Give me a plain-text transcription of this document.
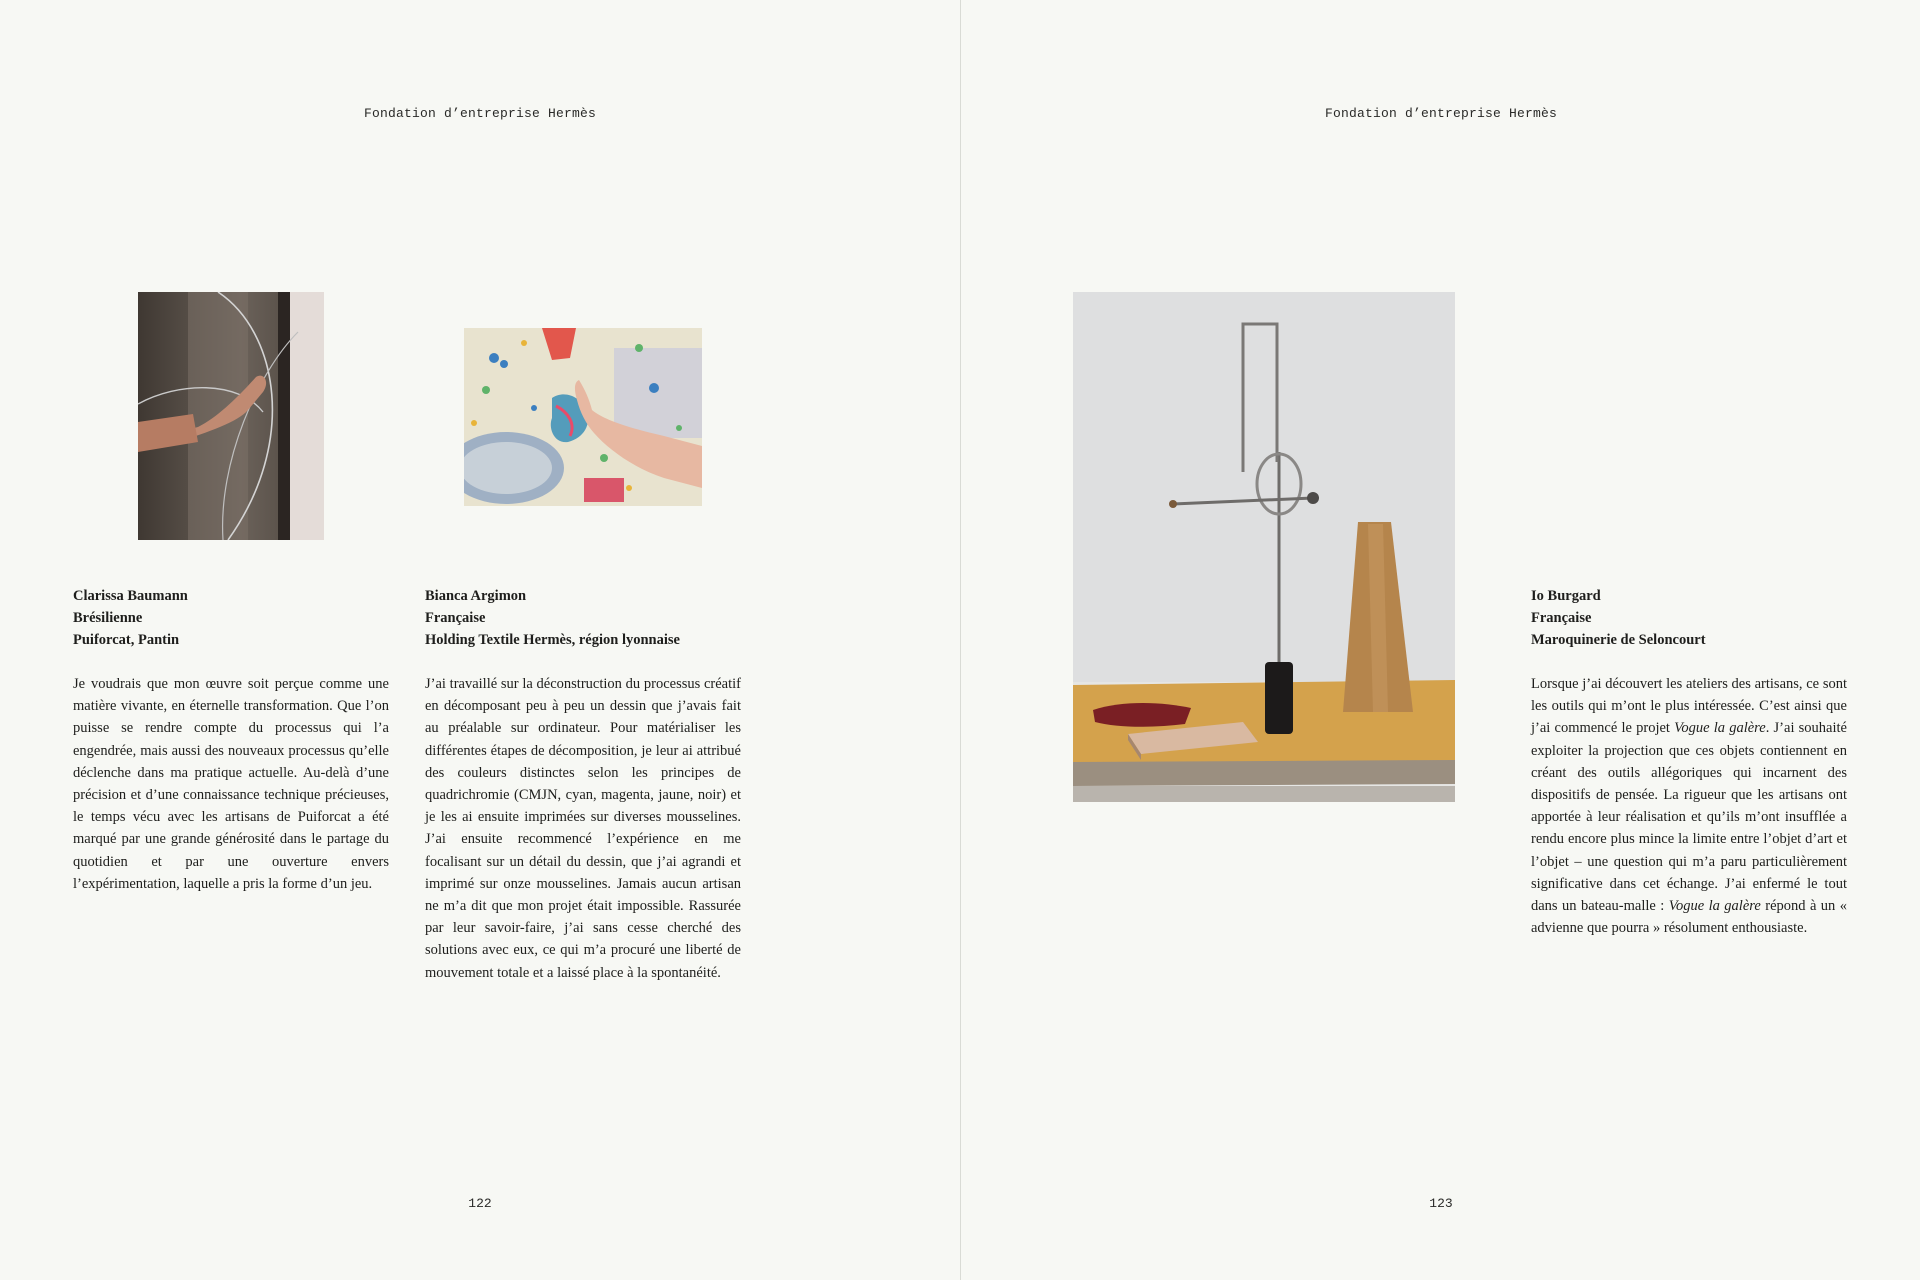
Fondation d’entreprise Hermès

Clarissa Baumann

Brésilienne

Puiforcat, Pantin

Je voudrais que mon œuvre soit perçue comme une matière vivante, en éternelle transformation. Que l’on puisse se rendre compte du processus qui l’a engendrée, mais aussi des nouveaux processus qu’elle déclenche dans ma pratique actuelle. Au-delà d’une précision et d’une connaissance technique précieuses, le temps vécu avec les artisans de Puiforcat a été marqué par une grande générosité dans le partage du quotidien et par une ouverture envers l’expérimentation, laquelle a pris la forme d’un jeu.

Bianca Argimon

Française

Holding Textile Hermès, région lyonnaise

J’ai travaillé sur la déconstruction du processus créatif en décomposant peu à peu un dessin que j’avais fait au préalable sur ordinateur. Pour matérialiser les différentes étapes de décomposition, je leur ai attribué des couleurs distinctes selon les principes de quadrichromie (CMJN, cyan, magenta, jaune, noir) et je les ai ensuite imprimées sur diverses mousselines. J’ai ensuite recommencé l’expérience en me focalisant sur un détail du dessin, que j’ai agrandi et imprimé sur onze mousselines. Jamais aucun artisan ne m’a dit que mon projet était impossible. Rassurée par leur savoir-faire, j’ai sans cesse cherché des solutions avec eux, ce qui m’a procuré une liberté de mouvement totale et a laissé place à la spontanéité.
122
Fondation d’entreprise Hermès

Io Burgard

Française

Maroquinerie de Seloncourt

Lorsque j’ai découvert les ateliers des artisans, ce sont les outils qui m’ont le plus intéressée. C’est ainsi que j’ai commencé le projet Vogue la galère. J’ai souhaité exploiter la projection que ces objets contiennent en créant des outils allégoriques qui incarnent des dispositifs de pensée. La rigueur que les artisans ont apportée à leur réalisation et qu’ils m’ont insufflée a rendu encore plus mince la limite entre l’objet d’art et l’objet – une question qui m’a paru particulièrement significative dans cet échange. J’ai enfermé le tout dans un bateau-malle : Vogue la galère répond à un « advienne que pourra » résolument enthousiaste.
123
